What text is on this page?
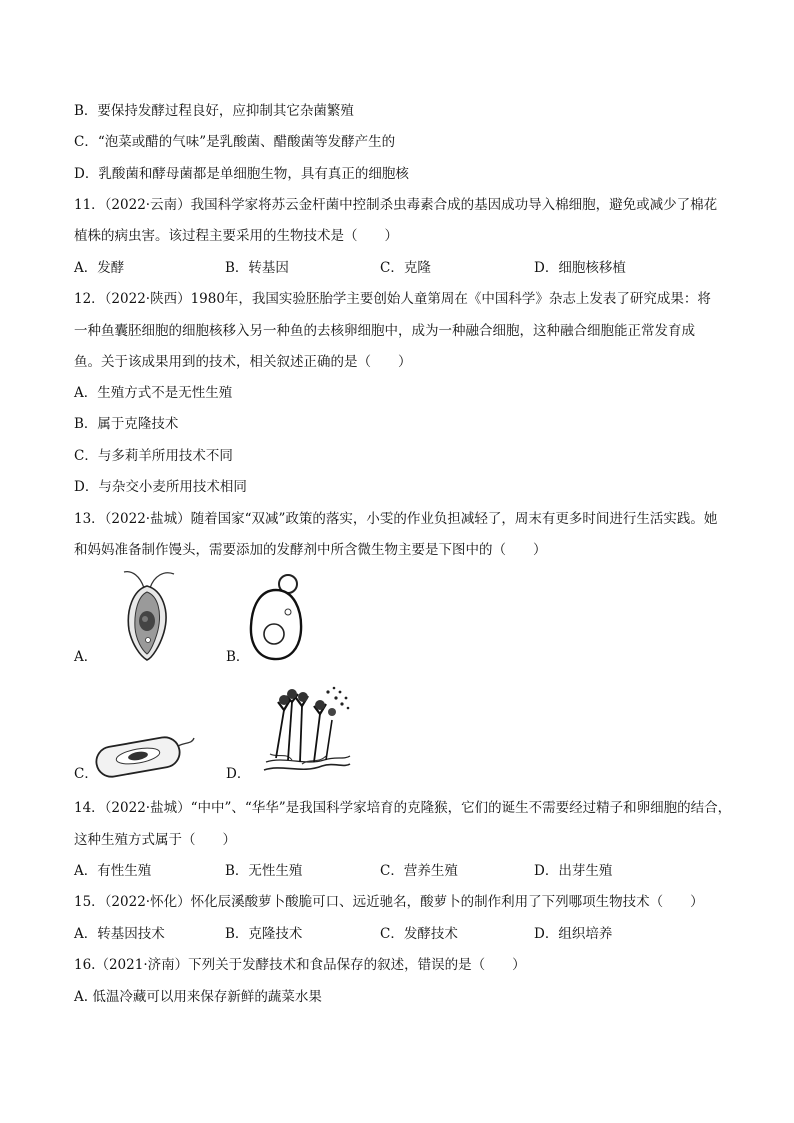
B．要保持发酵过程良好，应抑制其它杂菌繁殖
C．“泡菜或醋的气味”是乳酸菌、醋酸菌等发酵产生的
D．乳酸菌和酵母菌都是单细胞生物，具有真正的细胞核
11．（2022·云南）我国科学家将苏云金杆菌中控制杀虫毒素合成的基因成功导入棉细胞，避免或减少了棉花
植株的病虫害。该过程主要采用的生物技术是（　　）
A．发酵	B．转基因	C．克隆	D．细胞核移植
12．（2022·陕西）1980年，我国实验胚胎学主要创始人童第周在《中国科学》杂志上发表了研究成果：将
一种鱼囊胚细胞的细胞核移入另一种鱼的去核卵细胞中，成为一种融合细胞，这种融合细胞能正常发育成
鱼。关于该成果用到的技术，相关叙述正确的是（　　）
A．生殖方式不是无性生殖
B．属于克隆技术
C．与多莉羊所用技术不同
D．与杂交小麦所用技术相同
13．（2022·盐城）随着国家“双减”政策的落实，小雯的作业负担减轻了，周末有更多时间进行生活实践。她
和妈妈准备制作馒头，需要添加的发酵剂中所含微生物主要是下图中的（　　）
A．	B．
C．	D．
14．（2022·盐城）“中中”、“华华”是我国科学家培育的克隆猴，它们的诞生不需要经过精子和卵细胞的结合，
这种生殖方式属于（　　）
A．有性生殖	B．无性生殖	C．营养生殖	D．出芽生殖
15．（2022·怀化）怀化辰溪酸萝卜酸脆可口、远近驰名，酸萝卜的制作利用了下列哪项生物技术（　　）
A．转基因技术	B．克隆技术	C．发酵技术	D．组织培养
16.（2021·济南）下列关于发酵技术和食品保存的叙述，错误的是（　　）
A. 低温冷藏可以用来保存新鲜的蔬菜水果
